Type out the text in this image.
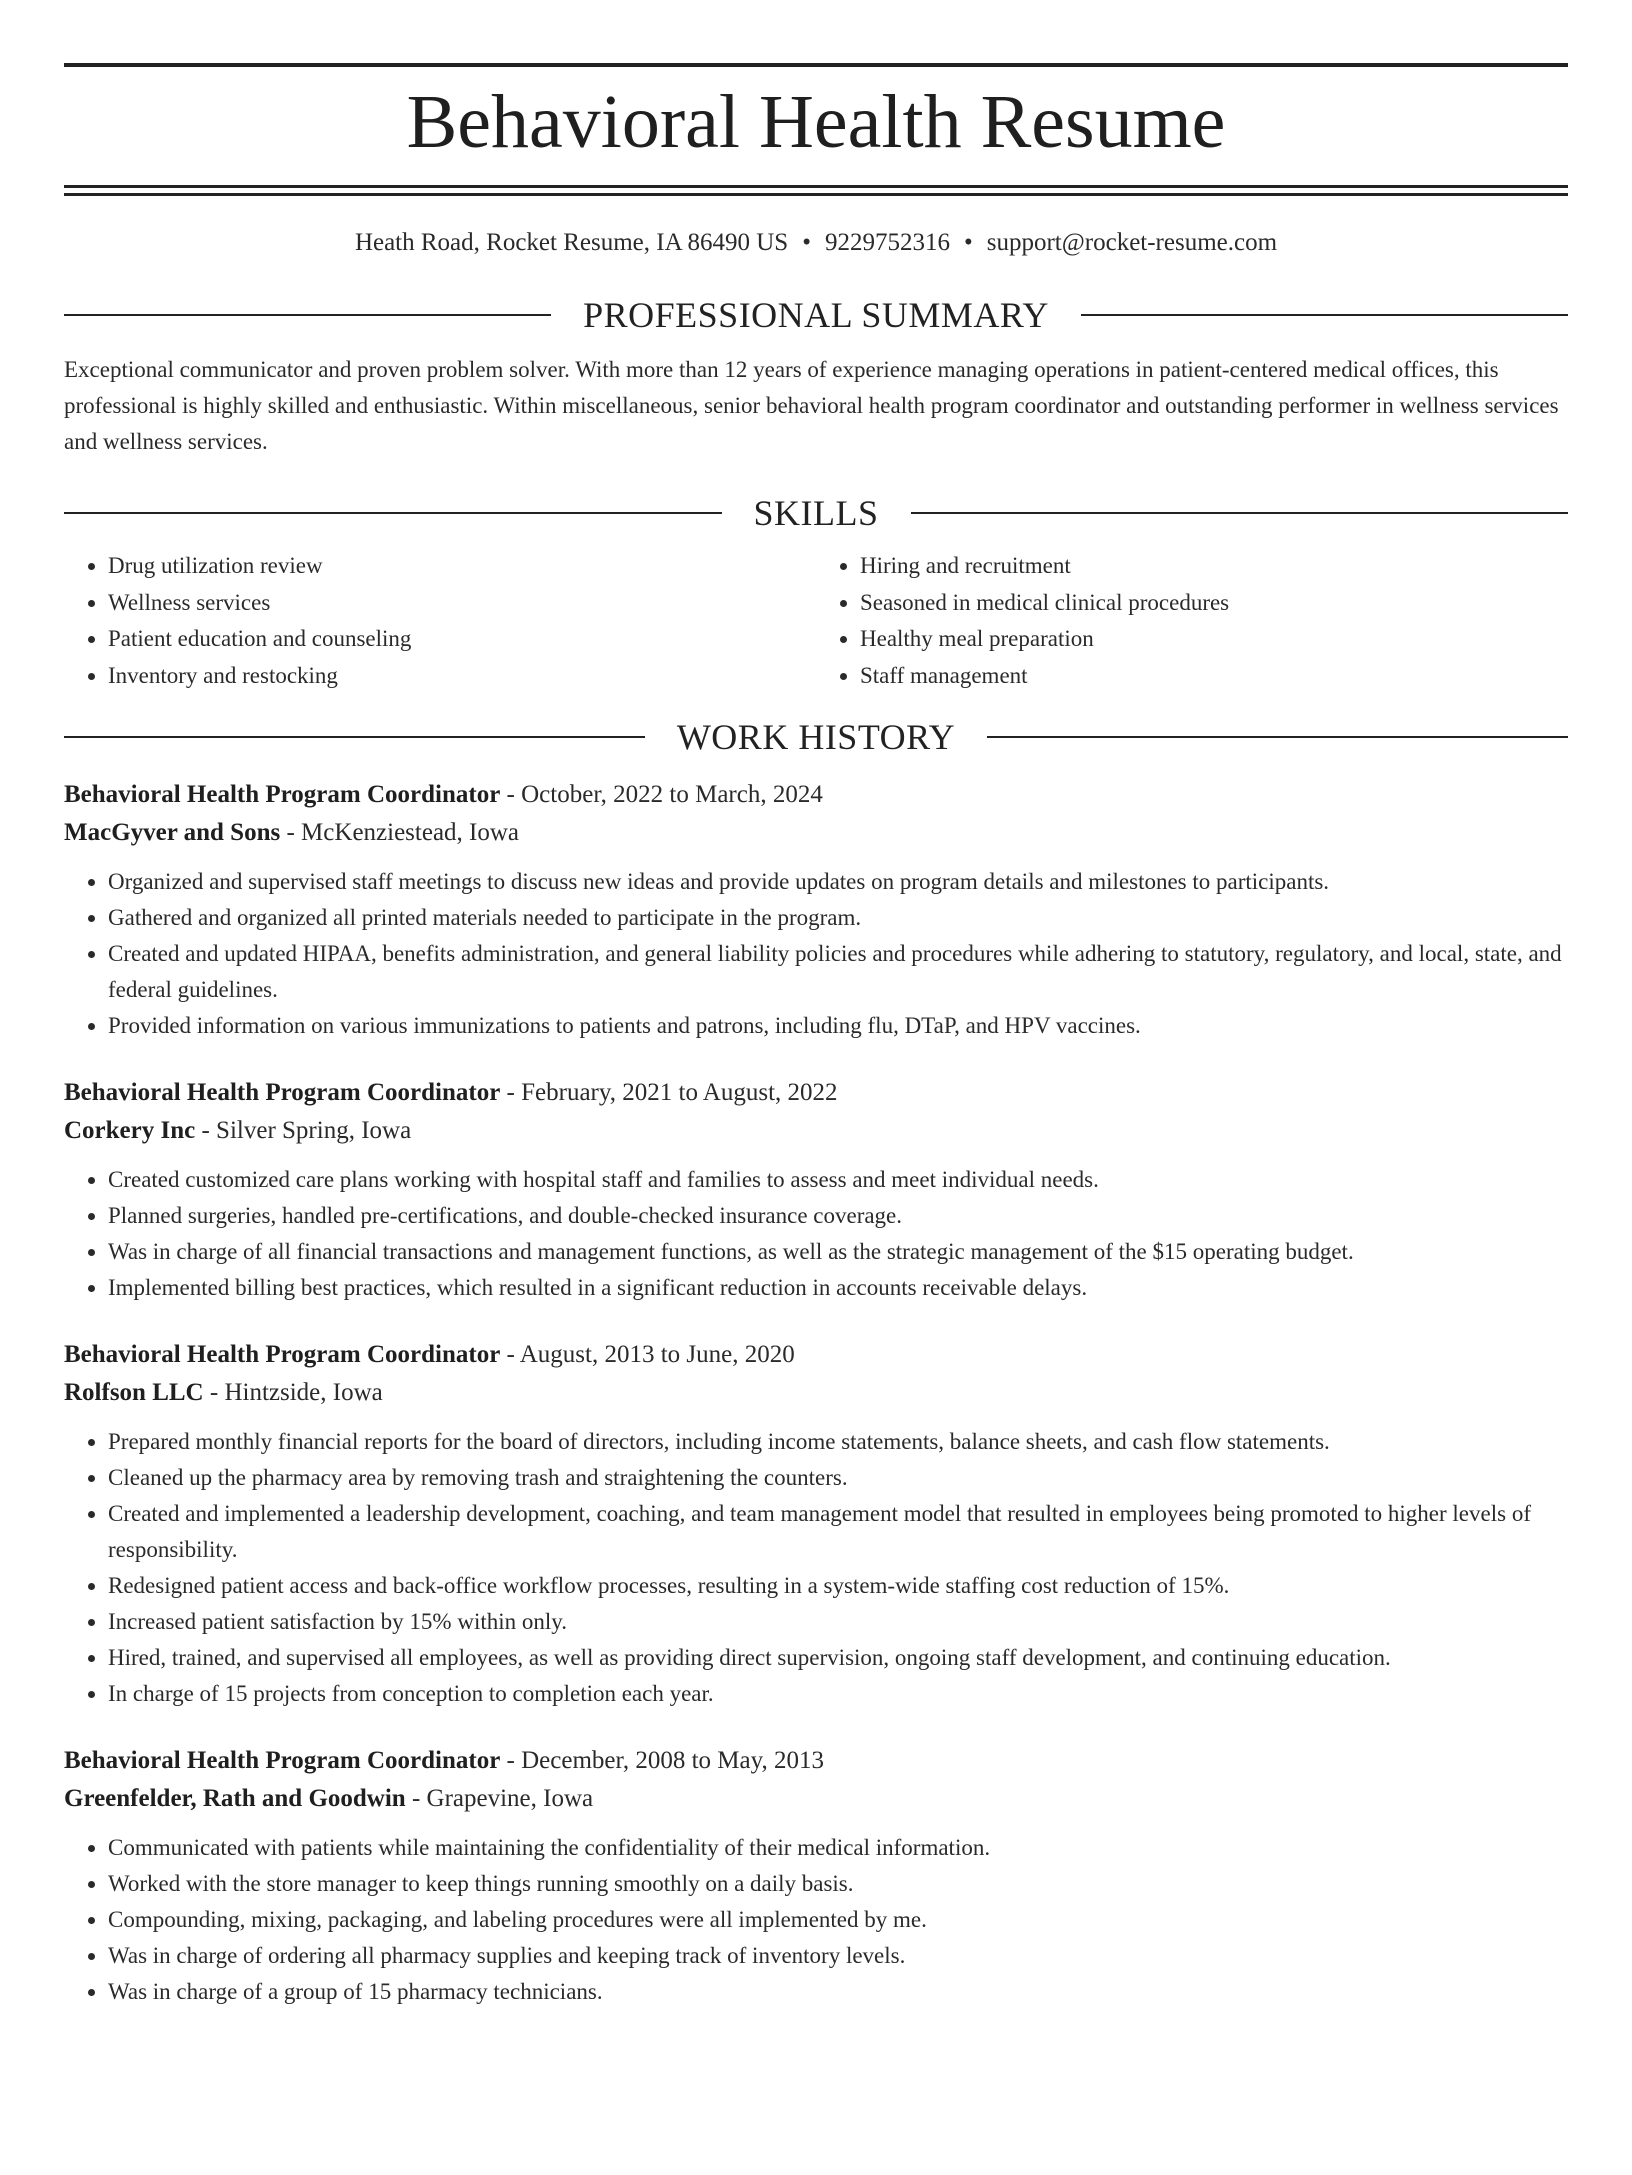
Behavioral Health Resume
Heath Road, Rocket Resume, IA 86490 US • 9229752316 • support@rocket-resume.com
PROFESSIONAL SUMMARY
Exceptional communicator and proven problem solver. With more than 12 years of experience managing operations in patient-centered medical offices, this professional is highly skilled and enthusiastic. Within miscellaneous, senior behavioral health program coordinator and outstanding performer in wellness services and wellness services.
SKILLS
• Drug utilization review
• Wellness services
• Patient education and counseling
• Inventory and restocking
• Hiring and recruitment
• Seasoned in medical clinical procedures
• Healthy meal preparation
• Staff management
WORK HISTORY
Behavioral Health Program Coordinator - October, 2022 to March, 2024
MacGyver and Sons - McKenziestead, Iowa
• Organized and supervised staff meetings to discuss new ideas and provide updates on program details and milestones to participants.
• Gathered and organized all printed materials needed to participate in the program.
• Created and updated HIPAA, benefits administration, and general liability policies and procedures while adhering to statutory, regulatory, and local, state, and federal guidelines.
• Provided information on various immunizations to patients and patrons, including flu, DTaP, and HPV vaccines.
Behavioral Health Program Coordinator - February, 2021 to August, 2022
Corkery Inc - Silver Spring, Iowa
• Created customized care plans working with hospital staff and families to assess and meet individual needs.
• Planned surgeries, handled pre-certifications, and double-checked insurance coverage.
• Was in charge of all financial transactions and management functions, as well as the strategic management of the $15 operating budget.
• Implemented billing best practices, which resulted in a significant reduction in accounts receivable delays.
Behavioral Health Program Coordinator - August, 2013 to June, 2020
Rolfson LLC - Hintzside, Iowa
• Prepared monthly financial reports for the board of directors, including income statements, balance sheets, and cash flow statements.
• Cleaned up the pharmacy area by removing trash and straightening the counters.
• Created and implemented a leadership development, coaching, and team management model that resulted in employees being promoted to higher levels of responsibility.
• Redesigned patient access and back-office workflow processes, resulting in a system-wide staffing cost reduction of 15%.
• Increased patient satisfaction by 15% within only.
• Hired, trained, and supervised all employees, as well as providing direct supervision, ongoing staff development, and continuing education.
• In charge of 15 projects from conception to completion each year.
Behavioral Health Program Coordinator - December, 2008 to May, 2013
Greenfelder, Rath and Goodwin - Grapevine, Iowa
• Communicated with patients while maintaining the confidentiality of their medical information.
• Worked with the store manager to keep things running smoothly on a daily basis.
• Compounding, mixing, packaging, and labeling procedures were all implemented by me.
• Was in charge of ordering all pharmacy supplies and keeping track of inventory levels.
• Was in charge of a group of 15 pharmacy technicians.
